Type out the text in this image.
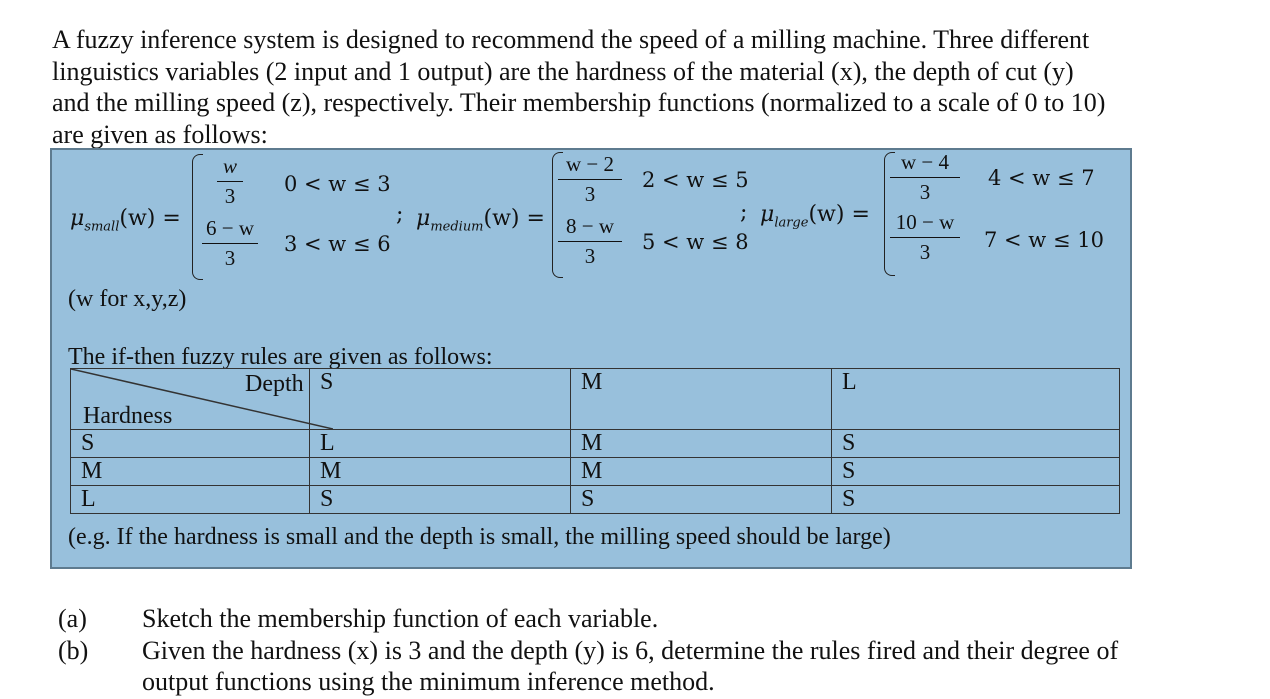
A fuzzy inference system is designed to recommend the speed of a milling machine. Three different
linguistics variables (2 input and 1 output) are the hardness of the material (x), the depth of cut (y)
and the milling speed (z), respectively. Their membership functions (normalized to a scale of 0 to 10)
are given as follows:
$\mu_{small}(w)$ =
w
3	0 < w ≤ 3
6 − w
3
3 < w ≤ 6
; $\mu_{medium}(w)$ =
w − 2
3
2 < w ≤ 5
8 − w
3
5 < w ≤ 8
; $\mu_{large}(w)$ =
w − 4
3
4 < w ≤ 7
10 − w
3	7 < w ≤ 10
(w for x,y,z)
The if-then fuzzy rules are given as follows:
Depth
Hardness	S	M	L
S	L	M	S
M	M	M	S
L	S	S	S
(e.g. If the hardness is small and the depth is small, the milling speed should be large)
(a)	Sketch the membership function of each variable.
(b)	Given the hardness (x) is 3 and the depth (y) is 6, determine the rules fired and their degree of
output functions using the minimum inference method.
